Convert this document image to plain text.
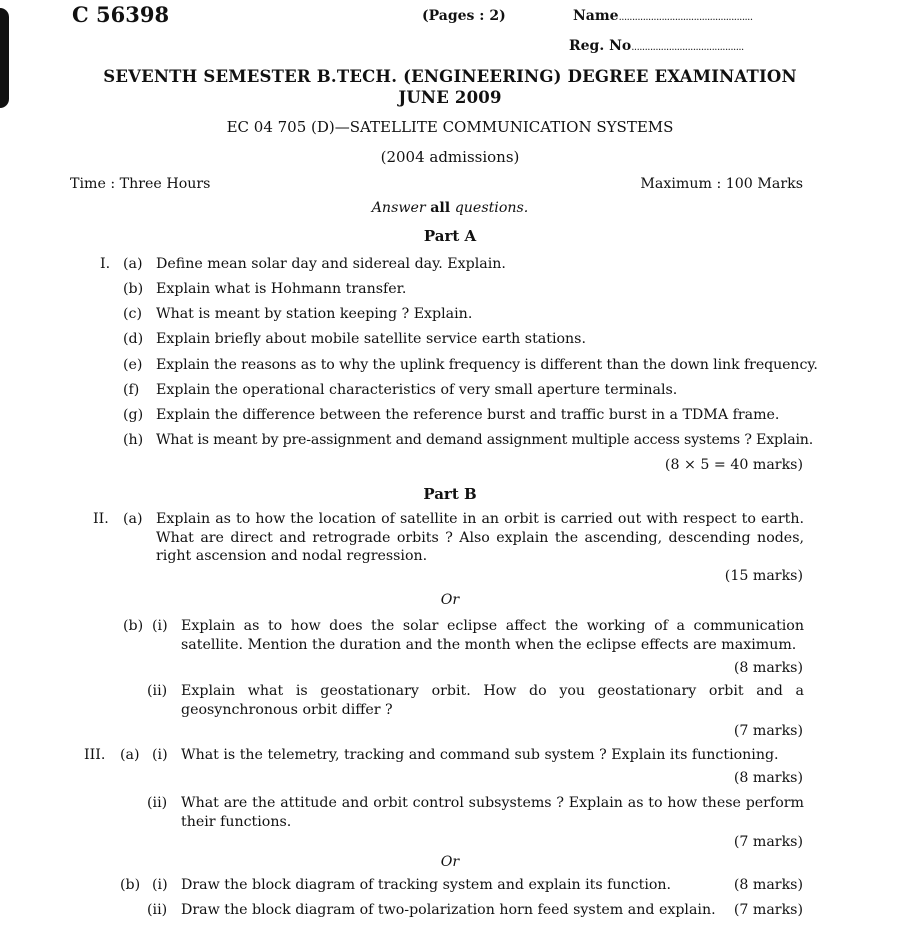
C 56398	(Pages : 2)	Name..................................................
Reg. No..........................................
SEVENTH SEMESTER B.TECH. (ENGINEERING) DEGREE EXAMINATION
JUNE 2009
EC 04 705 (D)—SATELLITE COMMUNICATION SYSTEMS
(2004 admissions)
Time : Three Hours	Maximum : 100 Marks
Answer all questions.
Part A
I. (a) Define mean solar day and sidereal day. Explain.
(b) Explain what is Hohmann transfer.
(c) What is meant by station keeping ? Explain.
(d) Explain briefly about mobile satellite service earth stations.
(e) Explain the reasons as to why the uplink frequency is different than the down link frequency.
(f) Explain the operational characteristics of very small aperture terminals.
(g) Explain the difference between the reference burst and traffic burst in a TDMA frame.
(h) What is meant by pre-assignment and demand assignment multiple access systems ? Explain.
(8 × 5 = 40 marks)
Part B
II. (a) Explain as to how the location of satellite in an orbit is carried out with respect to earth. What are direct and retrograde orbits ? Also explain the ascending, descending nodes, right ascension and nodal regression.
(15 marks)
Or
(b) (i) Explain as to how does the solar eclipse affect the working of a communication satellite. Mention the duration and the month when the eclipse effects are maximum.
(8 marks)
(ii) Explain what is geostationary orbit. How do you geostationary orbit and a geosynchronous orbit differ ?
(7 marks)
III. (a) (i) What is the telemetry, tracking and command sub system ? Explain its functioning.
(8 marks)
(ii) What are the attitude and orbit control subsystems ? Explain as to how these perform their functions.
(7 marks)
Or
(b) (i) Draw the block diagram of tracking system and explain its function.	(8 marks)
(ii) Draw the block diagram of two-polarization horn feed system and explain. (7 marks)
